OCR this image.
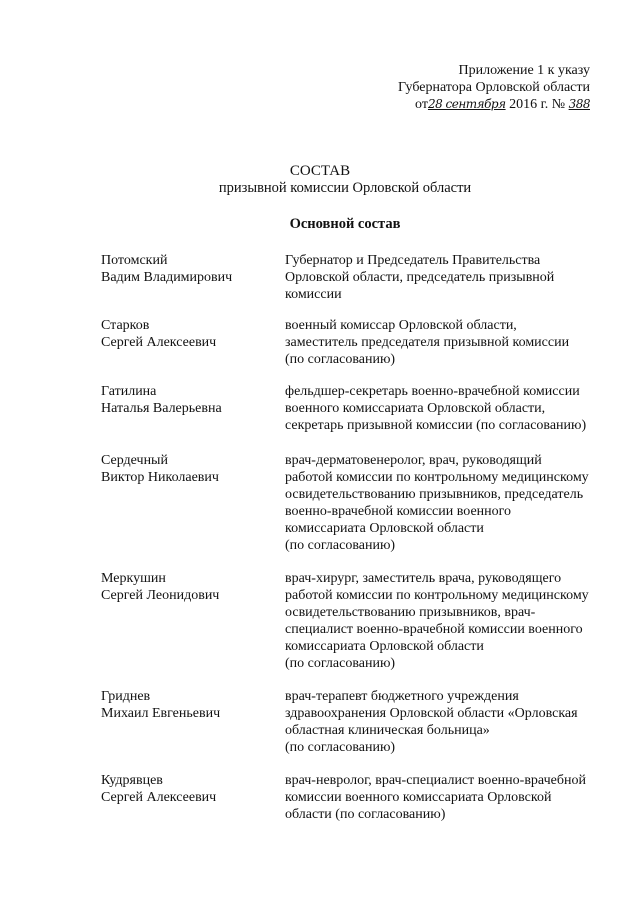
Приложение 1 к указу
Губернатора Орловской области
от28 сентября 2016 г. № 388
СОСТАВ
призывной комиссии Орловской области
Основной состав
Потомский
Вадим Владимирович
Губернатор и Председатель Правительства
Орловской области, председатель призывной
комиссии
Старков
Сергей Алексеевич
военный комиссар Орловской области,
заместитель председателя призывной комиссии
(по согласованию)
Гатилина
Наталья Валерьевна
фельдшер-секретарь военно-врачебной комиссии
военного комиссариата Орловской области,
секретарь призывной комиссии (по согласованию)
Сердечный
Виктор Николаевич
врач-дерматовенеролог, врач, руководящий
работой комиссии по контрольному медицинскому
освидетельствованию призывников, председатель
военно-врачебной комиссии военного
комиссариата Орловской области
(по согласованию)
Меркушин
Сергей Леонидович
врач-хирург, заместитель врача, руководящего
работой комиссии по контрольному медицинскому
освидетельствованию призывников, врач-
специалист военно-врачебной комиссии военного
комиссариата Орловской области
(по согласованию)
Гриднев
Михаил Евгеньевич
врач-терапевт бюджетного учреждения
здравоохранения Орловской области «Орловская
областная клиническая больница»
(по согласованию)
Кудрявцев
Сергей Алексеевич
врач-невролог, врач-специалист военно-врачебной
комиссии военного комиссариата Орловской
области (по согласованию)
